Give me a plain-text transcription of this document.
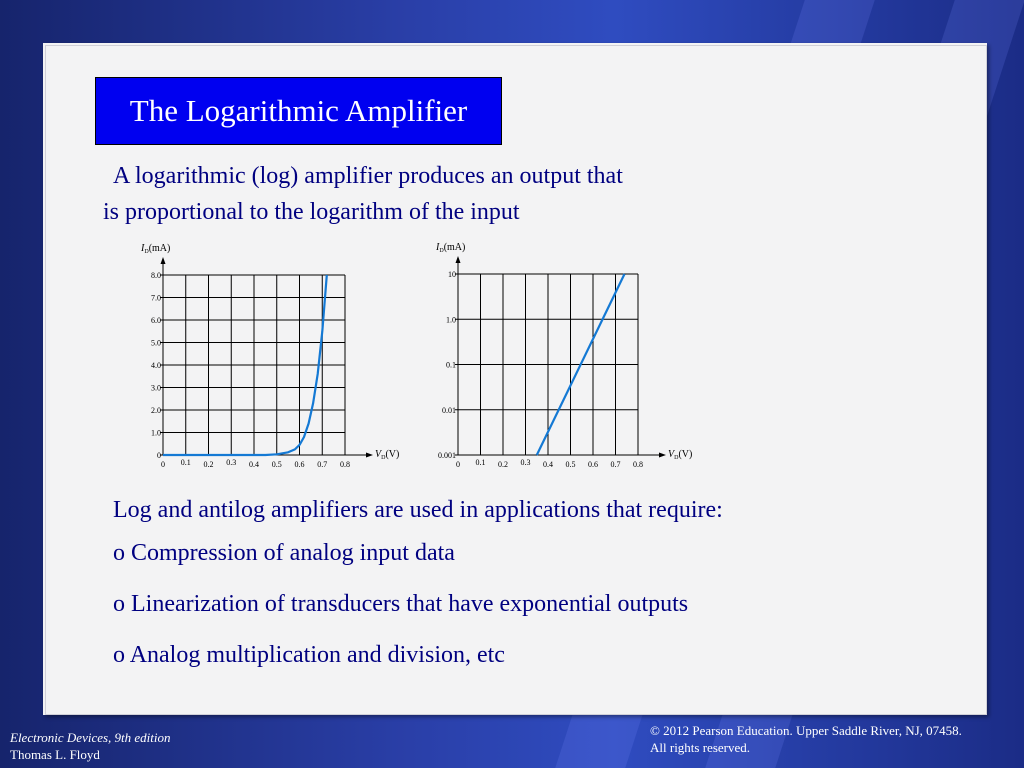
The Logarithmic Amplifier
A logarithmic (log) amplifier produces an output that
is proportional to the logarithm of the input
0
1.0
2.0
3.0
4.0
5.0
6.0
7.0
8.0
0 0.1 0.2 0.3 0.4 0.5 0.6 0.7 0.8
$I_D(mA)$
$V_D(V)$	0.001
0.01
0.1
1.0
10
0 0.1 0.2 0.3 0.4 0.5 0.6 0.7 0.8
$I_D(mA)$
$V_D(V)$
Log and antilog amplifiers are used in applications that require:
o Compression of analog input data
o Linearization of transducers that have exponential outputs
o Analog multiplication and division, etc
Electronic Devices, 9th edition
Thomas L. Floyd
© 2012 Pearson Education. Upper Saddle River, NJ, 07458.
All rights reserved.
